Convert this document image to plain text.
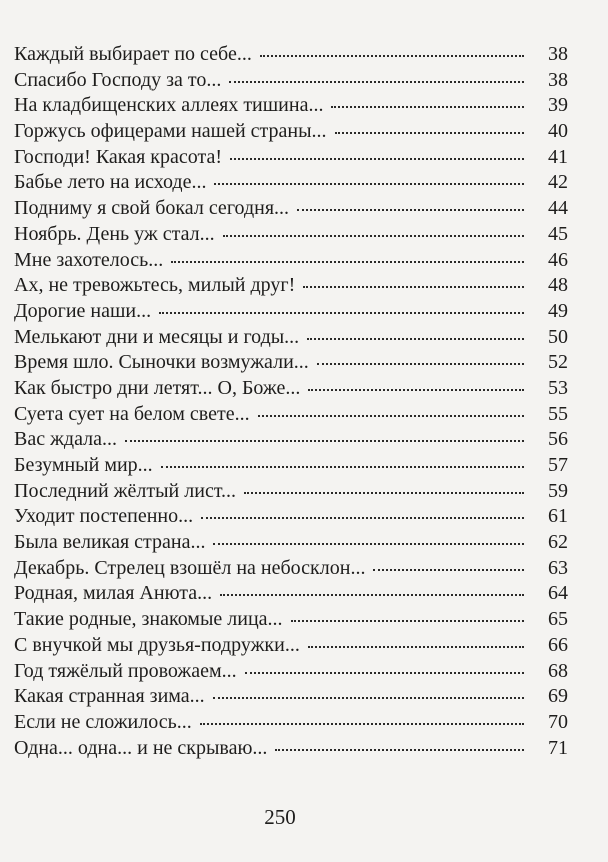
Каждый выбирает по себе...	38
Спасибо Господу за то...	38
На кладбищенских аллеях тишина...	39
Горжусь офицерами нашей страны...	40
Господи! Какая красота!	41
Бабье лето на исходе...	42
Подниму я свой бокал сегодня...	44
Ноябрь. День уж стал...	45
Мне захотелось...	46
Ах, не тревожьтесь, милый друг!	48
Дорогие наши...	49
Мелькают дни и месяцы и годы...	50
Время шло. Сыночки возмужали...	52
Как быстро дни летят... О, Боже...	53
Суета сует на белом свете...	55
Вас ждала...	56
Безумный мир...	57
Последний жёлтый лист...	59
Уходит постепенно...	61
Была великая страна...	62
Декабрь. Стрелец взошёл на небосклон...	63
Родная, милая Анюта...	64
Такие родные, знакомые лица...	65
С внучкой мы друзья-подружки...	66
Год тяжёлый провожаем...	68
Какая странная зима...	69
Если не сложилось...	70
Одна... одна... и не скрываю...	71
250
